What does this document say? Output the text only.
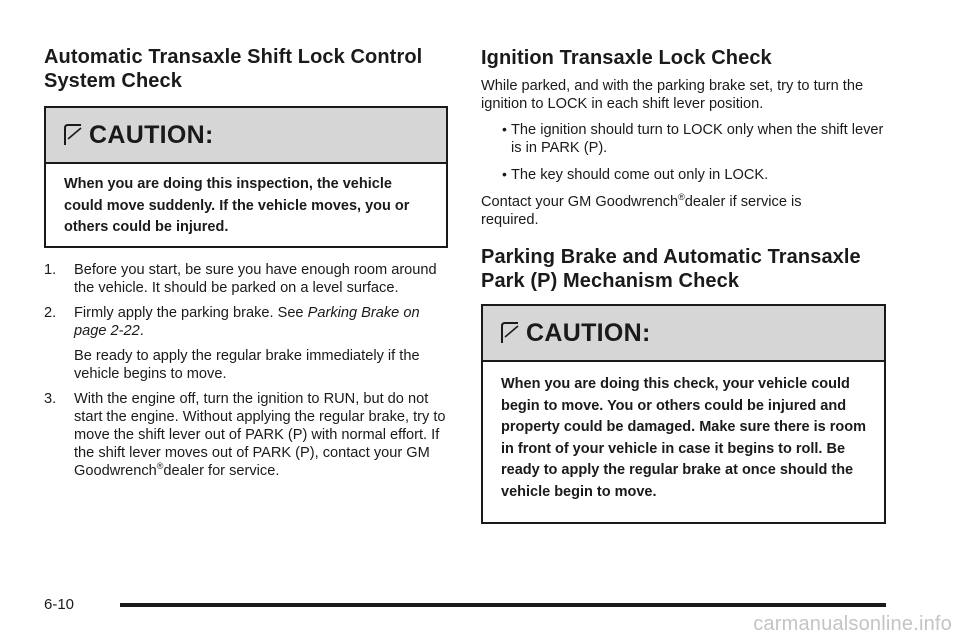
Automatic Transaxle Shift Lock Control System Check
CAUTION:

When you are doing this inspection, the vehicle could move suddenly. If the vehicle moves, you or others could be injured.

1. Before you start, be sure you have enough room around the vehicle. It should be parked on a level surface.
2. Firmly apply the parking brake. See Parking Brake on page 2-22.
Be ready to apply the regular brake immediately if the vehicle begins to move.
3. With the engine off, turn the ignition to RUN, but do not start the engine. Without applying the regular brake, try to move the shift lever out of PARK (P) with normal effort. If the shift lever moves out of PARK (P), contact your GM Goodwrench®dealer for service.
Ignition Transaxle Lock Check

While parked, and with the parking brake set, try to turn the ignition to LOCK in each shift lever position.

• The ignition should turn to LOCK only when the shift lever is in PARK (P).
• The key should come out only in LOCK.

Contact your GM Goodwrench®dealer if service is required.

Parking Brake and Automatic Transaxle Park (P) Mechanism Check
CAUTION:

When you are doing this check, your vehicle could begin to move. You or others could be injured and property could be damaged. Make sure there is room in front of your vehicle in case it begins to roll. Be ready to apply the regular brake at once should the vehicle begin to move.

6-10
carmanualsonline.info
